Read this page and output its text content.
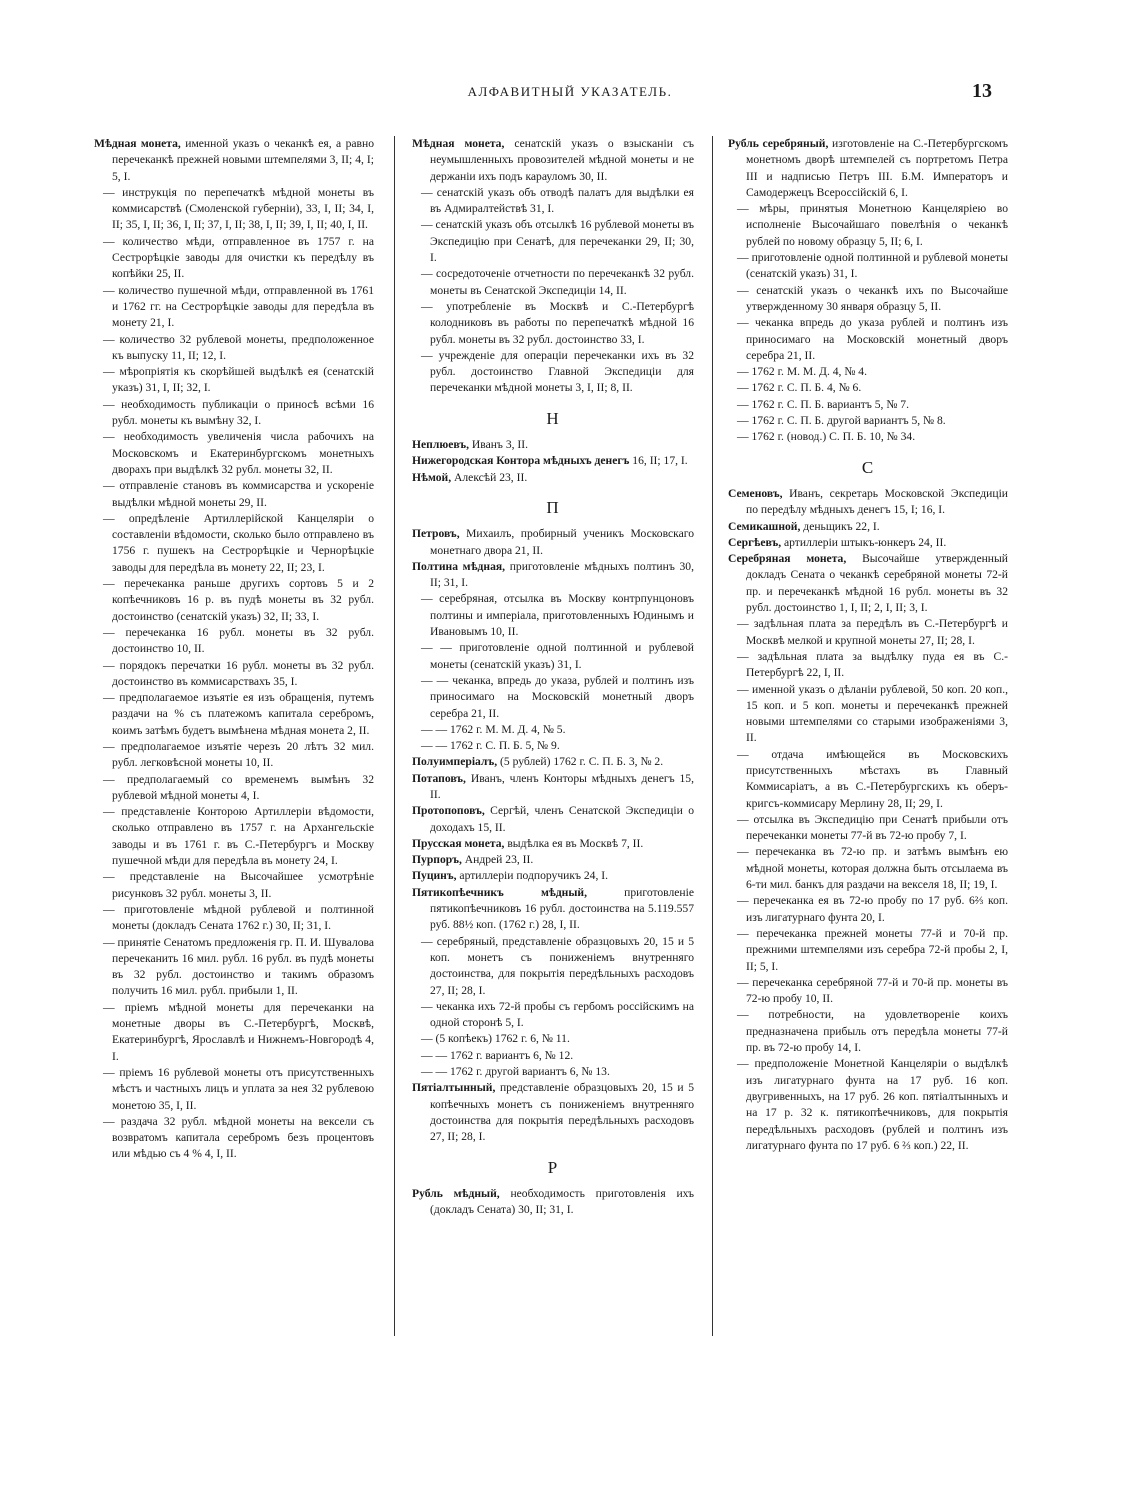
АЛФАВИТНЫЙ УКАЗАТЕЛЬ.	13
Мѣдная монета, именной указъ о чеканкѣ ея, а равно перечеканкѣ прежней новыми штемпелями 3, II; 4, I; 5, I.
— инструкція по перепечаткѣ мѣдной монеты въ коммисарствѣ (Смоленской губерніи), 33, I, II; 34, I, II; 35, I, II; 36, I, II; 37, I, II; 38, I, II; 39, I, II; 40, I, II.
— количество мѣди, отправленное въ 1757 г. на Сестрорѣцкіе заводы для очистки къ передѣлу въ копѣйки 25, II.
— количество пушечной мѣди, отправленной въ 1761 и 1762 гг. на Сестрорѣцкіе заводы для передѣла въ монету 21, I.
— количество 32 рублевой монеты, предположенное къ выпуску 11, II; 12, I.
— мѣропріятія къ скорѣйшей выдѣлкѣ ея (сенатскій указъ) 31, I, II; 32, I.
— необходимость публикаціи о приносѣ всѣми 16 рубл. монеты къ вымѣну 32, I.
— необходимость увеличенія числа рабочихъ на Московскомъ и Екатеринбургскомъ монетныхъ дворахъ при выдѣлкѣ 32 рубл. монеты 32, II.
— отправленіе становъ въ коммисарства и ускореніе выдѣлки мѣдной монеты 29, II.
— опредѣленіе Артиллерійской Канцеляріи о составленіи вѣдомости, сколько было отправлено въ 1756 г. пушекъ на Сестрорѣцкіе и Чернорѣцкіе заводы для передѣла въ монету 22, II; 23, I.
— перечеканка раньше другихъ сортовъ 5 и 2 копѣечниковъ 16 р. въ пудѣ монеты въ 32 рубл. достоинство (сенатскій указъ) 32, II; 33, I.
— перечеканка 16 рубл. монеты въ 32 рубл. достоинство 10, II.
— порядокъ перечатки 16 рубл. монеты въ 32 рубл. достоинство въ коммисарствахъ 35, I.
— предполагаемое изъятіе ея изъ обращенія, путемъ раздачи на % съ платежомъ капитала серебромъ, коимъ затѣмъ будетъ вымѣнена мѣдная монета 2, II.
— предполагаемое изъятіе черезъ 20 лѣтъ 32 мил. рубл. легковѣсной монеты 10, II.
— предполагаемый со временемъ вымѣнъ 32 рублевой мѣдной монеты 4, I.
— представленіе Конторою Артиллеріи вѣдомости, сколько отправлено въ 1757 г. на Архангельскіе заводы и въ 1761 г. въ С.-Петербургъ и Москву пушечной мѣди для передѣла въ монету 24, I.
— представленіе на Высочайшее усмотрѣніе рисунковъ 32 рубл. монеты 3, II.
— приготовленіе мѣдной рублевой и полтинной монеты (докладъ Сената 1762 г.) 30, II; 31, I.
— принятіе Сенатомъ предложенія гр. П. И. Шувалова перечеканить 16 мил. рубл. 16 рубл. въ пудѣ монеты въ 32 рубл. достоинство и такимъ образомъ получить 16 мил. рубл. прибыли 1, II.
— пріемъ мѣдной монеты для перечеканки на монетные дворы въ С.-Петербургѣ, Москвѣ, Екатеринбургѣ, Ярославлѣ и Нижнемъ-Новгородѣ 4, I.
— пріемъ 16 рублевой монеты отъ присутственныхъ мѣстъ и частныхъ лицъ и уплата за нея 32 рублевою монетою 35, I, II.
— раздача 32 рубл. мѣдной монеты на вексели съ возвратомъ капитала серебромъ безъ процентовъ или мѣдью съ 4 % 4, I, II.
Мѣдная монета, сенатскій указъ о взысканіи съ неумышленныхъ провозителей мѣдной монеты и не держаніи ихъ подъ карауломъ 30, II.
— сенатскій указъ объ отводѣ палатъ для выдѣлки ея въ Адмиралтействѣ 31, I.
— сенатскій указъ объ отсылкѣ 16 рублевой монеты въ Экспедицію при Сенатѣ, для перечеканки 29, II; 30, I.
— сосредоточеніе отчетности по перечеканкѣ 32 рубл. монеты въ Сенатской Экспедиціи 14, II.
— употребленіе въ Москвѣ и С.-Петербургѣ колодниковъ въ работы по перепечаткѣ мѣдной 16 рубл. монеты въ 32 рубл. достоинство 33, I.
— учрежденіе для операціи перечеканки ихъ въ 32 рубл. достоинство Главной Экспедиціи для перечеканки мѣдной монеты 3, I, II; 8, II.
Н
Неплюевъ, Иванъ 3, II.
Нижегородская Контора мѣдныхъ денегъ 16, II; 17, I.
Нѣмой, Алексѣй 23, II.
П
Петровъ, Михаилъ, пробирный ученикъ Московскаго монетнаго двора 21, II.
Полтина мѣдная, приготовленіе мѣдныхъ полтинъ 30, II; 31, I.
— серебряная, отсылка въ Москву контрпунцоновъ полтины и имперіала, приготовленныхъ Юдинымъ и Ивановымъ 10, II.
— — приготовленіе одной полтинной и рублевой монеты (сенатскій указъ) 31, I.
— — чеканка, впредь до указа, рублей и полтинъ изъ приносимаго на Московскій монетный дворъ серебра 21, II.
— — 1762 г. М. М. Д. 4, № 5.
— — 1762 г. С. П. Б. 5, № 9.
Полуимперіалъ, (5 рублей) 1762 г. С. П. Б. 3, № 2.
Потаповъ, Иванъ, членъ Конторы мѣдныхъ денегъ 15, II.
Протопоповъ, Сергѣй, членъ Сенатской Экспедиціи о доходахъ 15, II.
Прусская монета, выдѣлка ея въ Москвѣ 7, II.
Пурпоръ, Андрей 23, II.
Пуцинъ, артиллеріи подпоручикъ 24, I.
Пятикопѣечникъ мѣдный,	приготовленіе пятикопѣечниковъ 16 рубл. достоинства на 5.119.557 руб. 88½ коп. (1762 г.) 28, I, II.
— серебряный, представленіе образцовыхъ 20, 15 и 5 коп. монетъ съ пониженіемъ внутренняго достоинства, для покрытія передѣльныхъ расходовъ 27, II; 28, I.
— чеканка ихъ 72-й пробы съ гербомъ россійскимъ на одной сторонѣ 5, I.
— (5 копѣекъ) 1762 г. 6, № 11.
— — 1762 г. вариантъ 6, № 12.
— — 1762 г. другой вариантъ 6, № 13.
Пятіалтынный, представленіе образцовыхъ 20, 15 и 5 копѣечныхъ монетъ съ пониженіемъ внутренняго достоинства для покрытія передѣльныхъ расходовъ 27, II; 28, I.
Р
Рубль мѣдный, необходимость приготовленія ихъ (докладъ Сената) 30, II; 31, I.
Рубль серебряный, изготовленіе на С.-Петербургскомъ монетномъ дворѣ штемпелей съ портретомъ Петра III и надписью Петръ III. Б.М. Императоръ и Самодержецъ Всероссійскій 6, I.
— мѣры, принятыя Монетною Канцеляріею во исполненіе Высочайшаго повелѣнія о чеканкѣ рублей по новому образцу 5, II; 6, I.
— приготовленіе одной полтинной и рублевой монеты (сенатскій указъ) 31, I.
— сенатскій указъ о чеканкѣ ихъ по Высочайше утвержденному 30 января образцу 5, II.
— чеканка впредь до указа рублей и полтинъ изъ приносимаго на Московскій монетный дворъ серебра 21, II.
— 1762 г. М. М. Д. 4, № 4.
— 1762 г. С. П. Б. 4, № 6.
— 1762 г. С. П. Б. вариантъ 5, № 7.
— 1762 г. С. П. Б. другой вариантъ 5, № 8.
— 1762 г. (новод.) С. П. Б. 10, № 34.
С
Семеновъ, Иванъ, секретарь Московской Экспедиціи по передѣлу мѣдныхъ денегъ 15, I; 16, I.
Семикашной, деньщикъ 22, I.
Сергѣевъ, артиллеріи штыкъ-юнкеръ 24, II.
Серебряная монета, Высочайше утвержденный докладъ Сената о чеканкѣ серебряной монеты 72-й пр. и перечеканкѣ мѣдной 16 рубл. монеты въ 32 рубл. достоинство 1, I, II; 2, I, II; 3, I.
— задѣльная плата за передѣлъ въ С.-Петербургѣ и Москвѣ мелкой и крупной монеты 27, II; 28, I.
— задѣльная плата за выдѣлку пуда ея въ С.-Петербургѣ 22, I, II.
— именной указъ о дѣланіи рублевой, 50 коп. 20 коп., 15 коп. и 5 коп. монеты и перечеканкѣ прежней новыми штемпелями со старыми изображеніями 3, II.
— отдача имѣющейся въ Московскихъ присутственныхъ мѣстахъ въ Главный Коммисаріатъ, а въ С.-Петербургскихъ къ оберъ-кригсъ-коммисару Мерлину 28, II; 29, I.
— отсылка въ Экспедицію при Сенатѣ прибыли отъ перечеканки монеты 77-й въ 72-ю пробу 7, I.
— перечеканка въ 72-ю пр. и затѣмъ вымѣнъ ею мѣдной монеты, которая должна быть отсылаема въ 6-ти мил. банкъ для раздачи на векселя 18, II; 19, I.
— перечеканка ея въ 72-ю пробу по 17 руб. 6⅔ коп. изъ лигатурнаго фунта 20, I.
— перечеканка прежней монеты 77-й и 70-й пр. прежними штемпелями изъ серебра 72-й пробы 2, I, II; 5, I.
— перечеканка серебряной 77-й и 70-й пр. монеты въ 72-ю пробу 10, II.
— потребности, на удовлетвореніе коихъ предназначена прибыль отъ передѣла монеты 77-й пр. въ 72-ю пробу 14, I.
— предположеніе Монетной Канцеляріи о выдѣлкѣ изъ лигатурнаго фунта на 17 руб. 16 коп. двугривенныхъ, на 17 руб. 26 коп. пятіалтынныхъ и на 17 р. 32 к. пятикопѣечниковъ, для покрытія передѣльныхъ расходовъ (рублей и полтинъ изъ лигатурнаго фунта по 17 руб. 6 ⅔ коп.) 22, II.
